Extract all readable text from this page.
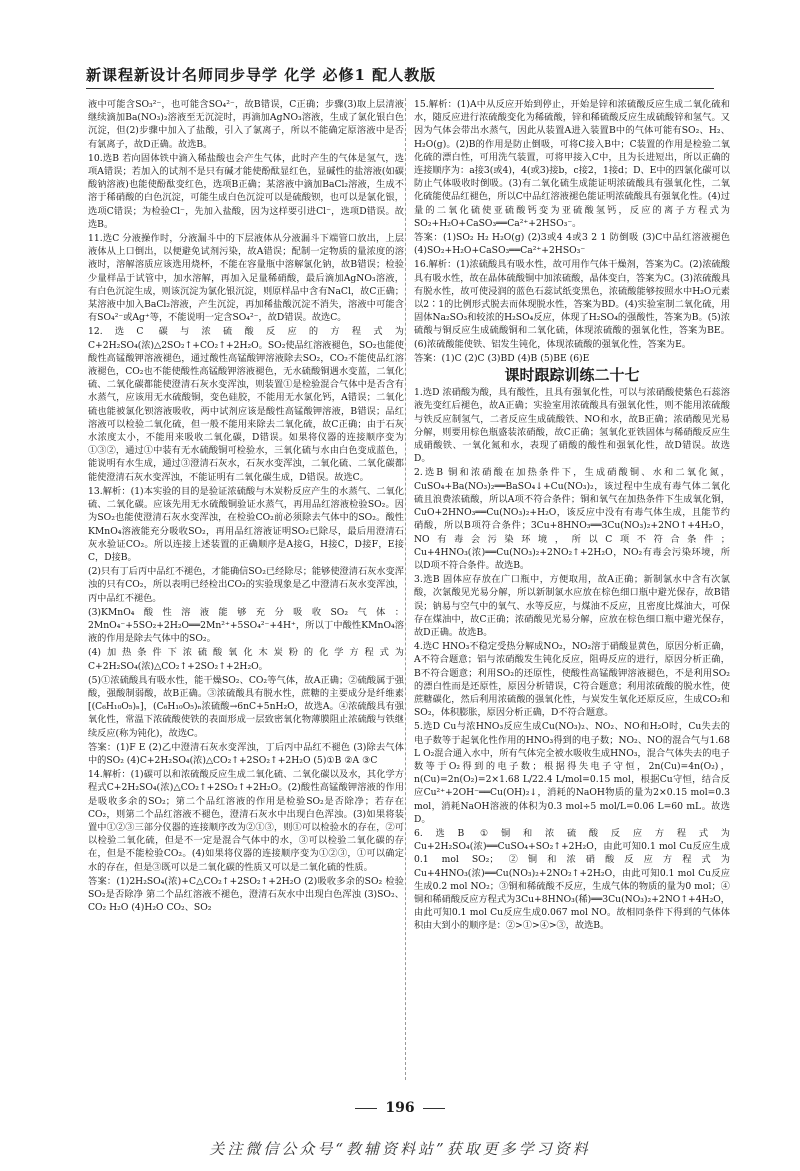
新课程新设计名师同步导学 化学 必修1 配人教版

液中可能含SO₃²⁻，也可能含SO₄²⁻，故B错误，C正确；步骤(3)取上层清液继续滴加Ba(NO₃)₂溶液至无沉淀时，再滴加AgNO₃溶液，生成了氯化银白色沉淀，但(2)步骤中加入了盐酸，引入了氯离子，所以不能确定原溶液中是否有氯离子，故D正确。故选B。

10.选B 若向固体铁中滴入稀盐酸也会产生气体，此时产生的气体是氢气，选项A错误；若加入的试剂不是只有碱才能使酚酞显红色，显碱性的盐溶液(如碳酸钠溶液)也能使酚酞变红色，选项B正确；某溶液中滴加BaCl₂溶液，生成不溶于稀硝酸的白色沉淀，可能生成白色沉淀可以是硫酸钡，也可以是氯化银，选项C错误；为检验Cl⁻，先加入盐酸，因为这样要引进Cl⁻，选项D错误。故选B。

11.选C 分液操作时，分液漏斗中的下层液体从分液漏斗下端管口放出，上层液体从上口倒出，以便避免试剂污染，故A错误；配制一定物质的量浓度的溶液时，溶解溶质应该选用烧杯，不能在容量瓶中溶解氯化钠，故B错误；检验少量样品于试管中，加水溶解，再加入足量稀硝酸，最后滴加AgNO₃溶液，有白色沉淀生成，则该沉淀为氯化银沉淀，则原样品中含有NaCl，故C正确；某溶液中加入BaCl₂溶液，产生沉淀，再加稀盐酸沉淀不消失，溶液中可能含有SO₄²⁻或Ag⁺等，不能说明一定含SO₄²⁻，故D错误。故选C。

12.选C 碳与浓硫酸反应的方程式为C+2H₂SO₄(浓)△2SO₂↑+CO₂↑+2H₂O。SO₂使品红溶液褪色，SO₂也能使酸性高锰酸钾溶液褪色，通过酸性高锰酸钾溶液除去SO₂，CO₂不能使品红溶液褪色，CO₂也不能使酸性高锰酸钾溶液褪色，无水硫酸铜遇水变蓝，二氧化硫、二氧化碳都能使澄清石灰水变浑浊，则装置①是检验混合气体中是否含有水蒸气，应该用无水硫酸铜，变色硅胶，不能用无水氯化钙，A错误；二氧化硫也能被氯化钡溶液吸收，两中试剂应该是酸性高锰酸钾溶液，B错误；品红溶液可以检验二氧化硫，但一般不能用来除去二氧化硫，故C正确；由于石灰水浓度太小，不能用来吸收二氧化碳，D错误。如果将仪器的连接顺序变为①③②，通过①中装有无水硫酸铜可检验水，三氧化硫与水由白色变成蓝色，能说明有水生成，通过③澄清石灰水，石灰水变浑浊，二氧化硫、二氧化碳都能使澄清石灰水变浑浊，不能证明有二氧化碳生成，D错误。故选C。

13.解析：(1)本实验的目的是验证浓硫酸与木炭粉反应产生的水蒸气、二氧化硫、二氧化碳。应该先用无水硫酸铜验证水蒸气，再用品红溶液检验SO₂。因为SO₂也能使澄清石灰水变浑浊，在检验CO₂前必须除去气体中的SO₂。酸性KMnO₄溶液能充分吸收SO₂，再用品红溶液证明SO₂已除尽，最后用澄清石灰水验证CO₂。所以连接上述装置的正确顺序是A接G，H接C，D接F，E接C，D接B。

(2)只有丁后丙中品红不褪色，才能确信SO₂已经除尽；能够使澄清石灰水变浑浊的只有CO₂，所以表明已经检出CO₂的实验现象是乙中澄清石灰水变浑浊，丙中品红不褪色。

(3)KMnO₄酸性溶液能够充分吸收SO₂气体：2MnO₄⁻+5SO₂+2H₂O══2Mn²⁺+5SO₄²⁻+4H⁺，所以丁中酸性KMnO₄溶液的作用是除去气体中的SO₂。

(4)加热条件下浓硫酸氧化木炭粉的化学方程式为C+2H₂SO₄(浓)△CO₂↑+2SO₂↑+2H₂O。

(5)①浓硫酸具有吸水性，能干燥SO₂、CO₂等气体，故A正确；②硫酸属于强酸，强酸制弱酸，故B正确。③浓硫酸具有脱水性，蔗糖的主要成分是纤维素[(C₆H₁₀O₅)ₙ]，(C₆H₁₀O₅)ₙ浓硫酸→6nC+5nH₂O，故选A。④浓硫酸具有强氧化性，常温下浓硫酸使铁的表面形成一层致密氧化物薄膜阻止浓硫酸与铁继续反应(称为钝化)，故选C。

答案：(1)F E (2)乙中澄清石灰水变浑浊，丁后丙中品红不褪色 (3)除去气体中的SO₂ (4)C+2H₂SO₄(浓)△CO₂↑+2SO₂↑+2H₂O (5)①B ②A ③C

14.解析：(1)碳可以和浓硫酸反应生成二氧化硫、二氧化碳以及水，其化学方程式C+2H₂SO₄(浓)△CO₂↑+2SO₂↑+2H₂O。(2)酸性高锰酸钾溶液的作用是吸收多余的SO₂；第二个品红溶液的作用是检验SO₂是否除净；若存在CO₂，则第二个品红溶液不褪色，澄清石灰水中出现白色浑浊。(3)如果将装置中①②③三部分仪器的连接顺序改为②①③，则①可以检验水的存在，②可以检验二氧化硫，但是不一定是混合气体中的水，③可以检验二氧化碳的存在，但是不能检验CO₂。(4)如果将仪器的连接顺序变为①②③，①可以确定水的存在，但是③既可以是二氧化碳的性质又可以是二氧化硫的性质。

答案：(1)2H₂SO₄(浓)+C△CO₂↑+2SO₂↑+2H₂O (2)吸收多余的SO₂ 检验SO₂是否除净 第二个品红溶液不褪色，澄清石灰水中出现白色浑浊 (3)SO₂、CO₂ H₂O (4)H₂O CO₂、SO₂

15.解析：(1)A中从反应开始到停止，开始是锌和浓硫酸反应生成二氧化硫和水，随反应进行浓硫酸变化为稀硫酸，锌和稀硫酸反应生成硫酸锌和氢气。又因为气体会带出水蒸气，因此从装置A进入装置B中的气体可能有SO₂、H₂、H₂O(g)。(2)B的作用是防止倒吸，可将C接入B中；C装置的作用是检验二氧化硫的漂白性，可用洗气装置，可将甲接入C中，且为长进短出，所以正确的连接顺序为：a接3(或4)，4(或3)接b，c接2，1接d；D、E中的四氯化碳可以防止气体吸收时倒吸。(3)有二氧化硫生成能证明浓硫酸具有强氧化性，二氧化硫能使品红褪色，所以C中品红溶液褪色能证明浓硫酸具有强氧化性。(4)过量的二氧化硫使亚硫酸钙变为亚硫酸氢钙，反应的离子方程式为SO₂+H₂O+CaSO₃══Ca²⁺+2HSO₃⁻。

答案：(1)SO₂ H₂ H₂O(g) (2)3或4 4或3 2 1 防倒吸 (3)C中品红溶液褪色 (4)SO₂+H₂O+CaSO₃══Ca²⁺+2HSO₃⁻

16.解析：(1)浓硫酸具有吸水性，故可用作气体干燥剂，答案为C。(2)浓硫酸具有吸水性，故在晶体硫酸铜中加浓硫酸，晶体变白，答案为C。(3)浓硫酸具有脱水性，故可使浸润的蓝色石蕊试纸变黑色，浓硫酸能够按照水中H₂O元素以2∶1的比例形式脱去而体现脱水性，答案为BD。(4)实验室制二氧化硫，用固体Na₂SO₃和较浓的H₂SO₄反应，体现了H₂SO₄的强酸性，答案为B。(5)浓硫酸与铜反应生成硫酸铜和二氧化硫，体现浓硫酸的强氧化性，答案为BE。(6)浓硫酸能使铁、铝发生钝化，体现浓硫酸的强氧化性，答案为E。

答案：(1)C (2)C (3)BD (4)B (5)BE (6)E

课时跟踪训练二十七

1.选D 浓硝酸为酸，具有酸性，且具有强氧化性，可以与浓硝酸使紫色石蕊溶液先变红后褪色，故A正确；实验室用浓硫酸具有强氧化性，则不能用浓硫酸与铁反应制氢气，二者反应生成硫酸铁、NO和水，故B正确；浓硝酸见光易分解，则要用棕色瓶盛装浓硝酸，故C正确；氢氧化亚铁固体与稀硝酸反应生成硝酸铁、一氧化氮和水，表现了硝酸的酸性和强氧化性，故D错误。故选D。

2.选B 铜和浓硝酸在加热条件下，生成硝酸铜、水和二氧化氮，CuSO₄+Ba(NO₃)₂══BaSO₄↓+Cu(NO₃)₂，该过程中生成有毒气体二氧化硫且浪费浓硫酸，所以A项不符合条件；铜和氧气在加热条件下生成氧化铜，CuO+2HNO₃══Cu(NO₃)₂+H₂O，该反应中没有有毒气体生成，且能节约硝酸，所以B项符合条件；3Cu+8HNO₃══3Cu(NO₃)₂+2NO↑+4H₂O，NO有毒会污染环境，所以C项不符合条件；Cu+4HNO₃(浓)══Cu(NO₃)₂+2NO₂↑+2H₂O，NO₂有毒会污染环境，所以D项不符合条件。故选B。

3.选B 固体应存放在广口瓶中，方便取用，故A正确；新制氯水中含有次氯酸，次氯酸见光易分解，所以新制氯水应放在棕色细口瓶中避光保存，故B错误；钠易与空气中的氧气、水等反应，与煤油不反应，且密度比煤油大，可保存在煤油中，故C正确；浓硝酸见光易分解，应放在棕色细口瓶中避光保存，故D正确。故选B。

4.选C HNO₃不稳定受热分解成NO₂，NO₂溶于硝酸显黄色，原因分析正确，A不符合题意；铝与浓硝酸发生钝化反应，阻碍反应的进行，原因分析正确，B不符合题意；利用SO₂的还原性，使酸性高锰酸钾溶液褪色，不是利用SO₂的漂白性而是还原性，原因分析错误，C符合题意；利用浓硫酸的脱水性，使蔗糖碳化，然后利用浓硫酸的强氧化性，与炭发生氧化还原反应，生成CO₂和SO₂，体积膨胀，原因分析正确，D不符合题意。

5.选D Cu与浓HNO₃反应生成Cu(NO₃)₂、NO₂、NO和H₂O时，Cu失去的电子数等于起氧化性作用的HNO₃得到的电子数；NO₂、NO的混合气与1.68 L O₂混合通入水中，所有气体完全被水吸收生成HNO₃，混合气体失去的电子数等于O₂得到的电子数；根据得失电子守恒，2n(Cu)=4n(O₂)，n(Cu)=2n(O₂)=2×1.68 L/22.4 L/mol=0.15 mol，根据Cu守恒，结合反应Cu²⁺+2OH⁻══Cu(OH)₂↓，消耗的NaOH物质的量为2×0.15 mol=0.3 mol，消耗NaOH溶液的体积为0.3 mol÷5 mol/L=0.06 L=60 mL。故选D。

6.选B ①铜和浓硫酸反应方程式为Cu+2H₂SO₄(浓)══CuSO₄+SO₂↑+2H₂O，由此可知0.1 mol Cu反应生成0.1 mol SO₂；②铜和浓硝酸反应方程式为Cu+4HNO₃(浓)══Cu(NO₃)₂+2NO₂↑+2H₂O，由此可知0.1 mol Cu反应生成0.2 mol NO₂；③铜和稀硫酸不反应，生成气体的物质的量为0 mol；④铜和稀硝酸反应方程式为3Cu+8HNO₃(稀)══3Cu(NO₃)₂+2NO↑+4H₂O，由此可知0.1 mol Cu反应生成0.067 mol NO。故相同条件下得到的气体体积由大到小的顺序是：②>①>④>③，故选B。

196
关注微信公众号“教辅资料站”获取更多学习资料
